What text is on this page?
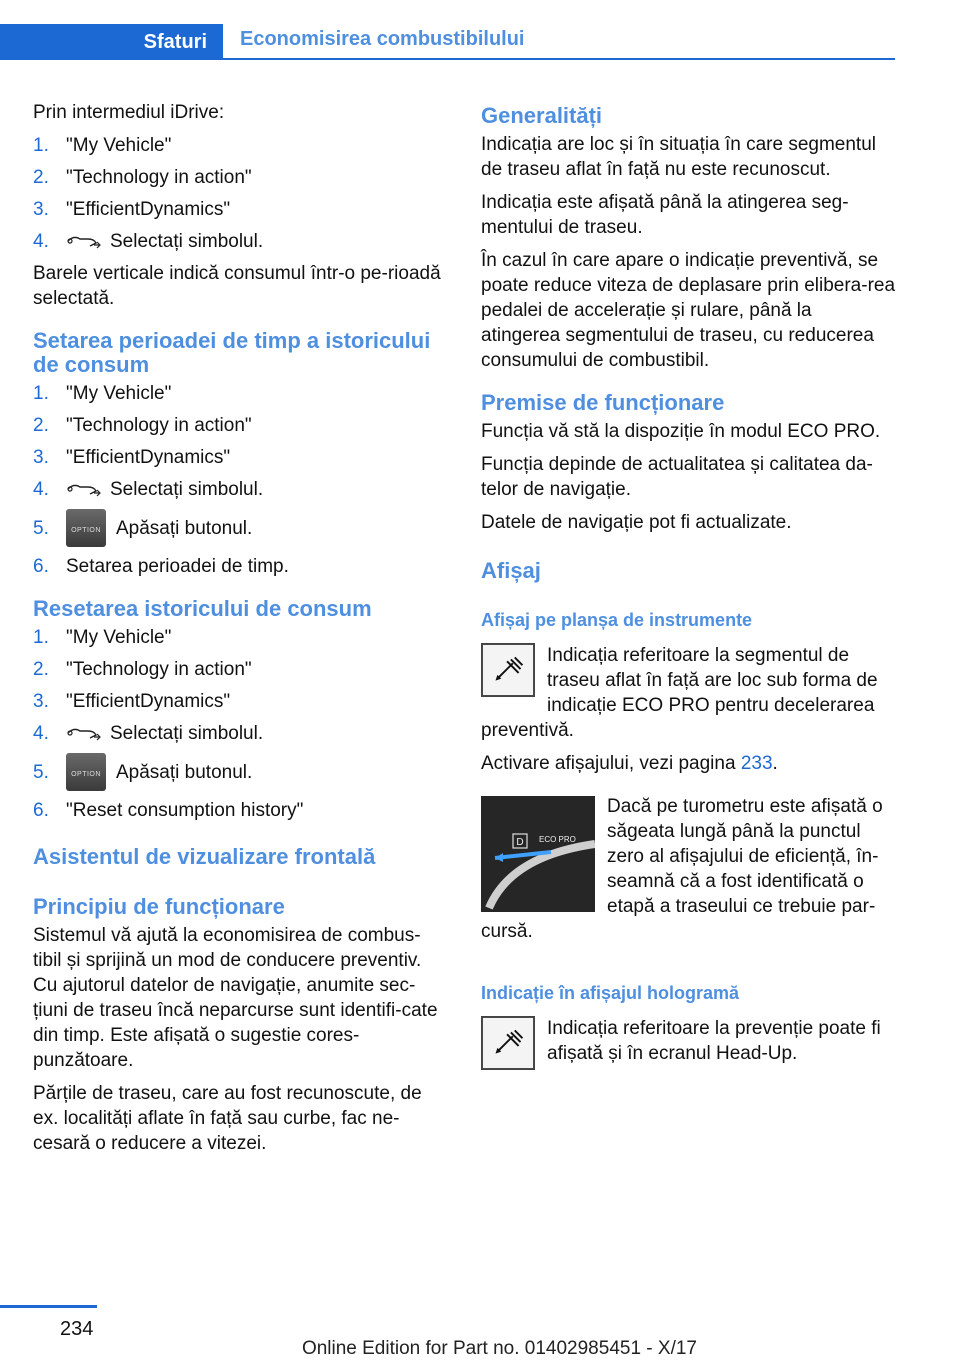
Sfaturi	Economisirea combustibilului

Prin intermediul iDrive:

1. "My Vehicle"
2. "Technology in action"
3. "EfficientDynamics"
4.	Selectați simbolul.

Barele verticale indică consumul într-o pe-rioadă selectată.

Setarea perioadei de timp a istoricului de consum
1. "My Vehicle"
2. "Technology in action"
3. "EfficientDynamics"
4.	Selectați simbolul.
5.	OPTION Apăsați butonul.
6. Setarea perioadei de timp.
Resetarea istoricului de consum
1. "My Vehicle"
2. "Technology in action"
3. "EfficientDynamics"
4.	Selectați simbolul.
5.	OPTION Apăsați butonul.
6. "Reset consumption history"
Asistentul de vizualizare frontală
Principiu de funcționare

Sistemul vă ajută la economisirea de combus-tibil și sprijină un mod de conducere preventiv. Cu ajutorul datelor de navigație, anumite sec-țiuni de traseu încă neparcurse sunt identifi-cate din timp. Este afișată o sugestie cores-punzătoare.

Părțile de traseu, care au fost recunoscute, de ex. localități aflate în față sau curbe, fac ne-cesară o reducere a vitezei.

Generalități

Indicația are loc și în situația în care segmentul de traseu aflat în față nu este recunoscut.

Indicația este afișată până la atingerea seg-mentului de traseu.

În cazul în care apare o indicație preventivă, se poate reduce viteza de deplasare prin elibera-rea pedalei de accelerație și rulare, până la atingerea segmentului de traseu, cu reducerea consumului de combustibil.

Premise de funcționare

Funcția vă stă la dispoziție în modul ECO PRO.

Funcția depinde de actualitatea și calitatea da-telor de navigație.

Datele de navigație pot fi actualizate.

Afișaj
Afișaj pe planșa de instrumente

Indicația referitoare la segmentul de traseu aflat în față are loc sub forma de indicație ECO PRO pentru decelerarea preventivă.

Activare afișajului, vezi pagina 233.

D ECO PRO

Dacă pe turometru este afișată o săgeata lungă până la punctul zero al afișajului de eficiență, în-seamnă că a fost identificată o etapă a traseului ce trebuie par-cursă.

Indicație în afișajul hologramă

Indicația referitoare la prevenție poate fi afișată și în ecranul Head-Up.

234
Online Edition for Part no. 01402985451 - X/17
